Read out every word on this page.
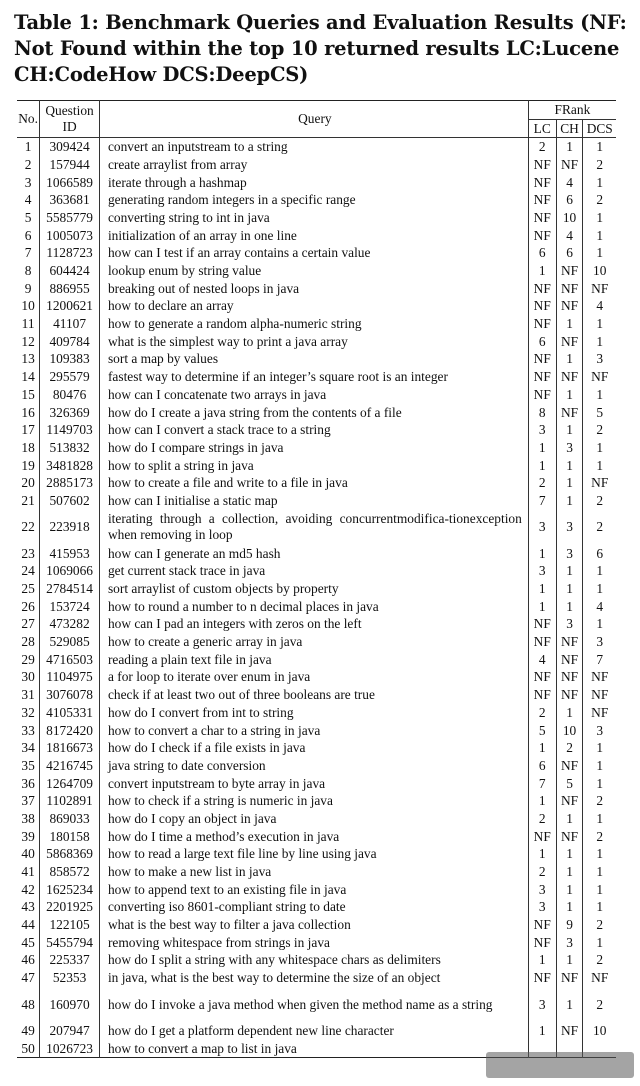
Table 1: Benchmark Queries and Evaluation Results (NF: Not Found within the top 10 returned results LC:Lucene CH:CodeHow DCS:DeepCS)
No.	Question ID	Query	FRank		
			LC	CH	DCS
1	309424	convert an inputstream to a string	2	1	1
2	157944	create arraylist from array	NF	NF	2
3	1066589	iterate through a hashmap	NF	4	1
4	363681	generating random integers in a specific range	NF	6	2
5	5585779	converting string to int in java	NF	10	1
6	1005073	initialization of an array in one line	NF	4	1
7	1128723	how can I test if an array contains a certain value	6	6	1
8	604424	lookup enum by string value	1	NF	10
9	886955	breaking out of nested loops in java	NF	NF	NF
10	1200621	how to declare an array	NF	NF	4
11	41107	how to generate a random alpha-numeric string	NF	1	1
12	409784	what is the simplest way to print a java array	6	NF	1
13	109383	sort a map by values	NF	1	3
14	295579	fastest way to determine if an integer’s square root is an integer	NF	NF	NF
15	80476	how can I concatenate two arrays in java	NF	1	1
16	326369	how do I create a java string from the contents of a file	8	NF	5
17	1149703	how can I convert a stack trace to a string	3	1	2
18	513832	how do I compare strings in java	1	3	1
19	3481828	how to split a string in java	1	1	1
20	2885173	how to create a file and write to a file in java	2	1	NF
21	507602	how can I initialise a static map	7	1	2
22	223918	iterating through a collection, avoiding concurrentmodifica-tionexception when removing in loop	3	3	2
23	415953	how can I generate an md5 hash	1	3	6
24	1069066	get current stack trace in java	3	1	1
25	2784514	sort arraylist of custom objects by property	1	1	1
26	153724	how to round a number to n decimal places in java	1	1	4
27	473282	how can I pad an integers with zeros on the left	NF	3	1
28	529085	how to create a generic array in java	NF	NF	3
29	4716503	reading a plain text file in java	4	NF	7
30	1104975	a for loop to iterate over enum in java	NF	NF	NF
31	3076078	check if at least two out of three booleans are true	NF	NF	NF
32	4105331	how do I convert from int to string	2	1	NF
33	8172420	how to convert a char to a string in java	5	10	3
34	1816673	how do I check if a file exists in java	1	2	1
35	4216745	java string to date conversion	6	NF	1
36	1264709	convert inputstream to byte array in java	7	5	1
37	1102891	how to check if a string is numeric in java	1	NF	2
38	869033	how do I copy an object in java	2	1	1
39	180158	how do I time a method’s execution in java	NF	NF	2
40	5868369	how to read a large text file line by line using java	1	1	1
41	858572	how to make a new list in java	2	1	1
42	1625234	how to append text to an existing file in java	3	1	1
43	2201925	converting iso 8601-compliant string to date	3	1	1
44	122105	what is the best way to filter a java collection	NF	9	2
45	5455794	removing whitespace from strings in java	NF	3	1
46	225337	how do I split a string with any whitespace chars as delimiters	1	1	2
47	52353	in java, what is the best way to determine the size of an object	NF	NF	NF
48	160970	how do I invoke a java method when given the method name as a string	3	1	2
49	207947	how do I get a platform dependent new line character	1	NF	10
50	1026723	how to convert a map to list in java			
